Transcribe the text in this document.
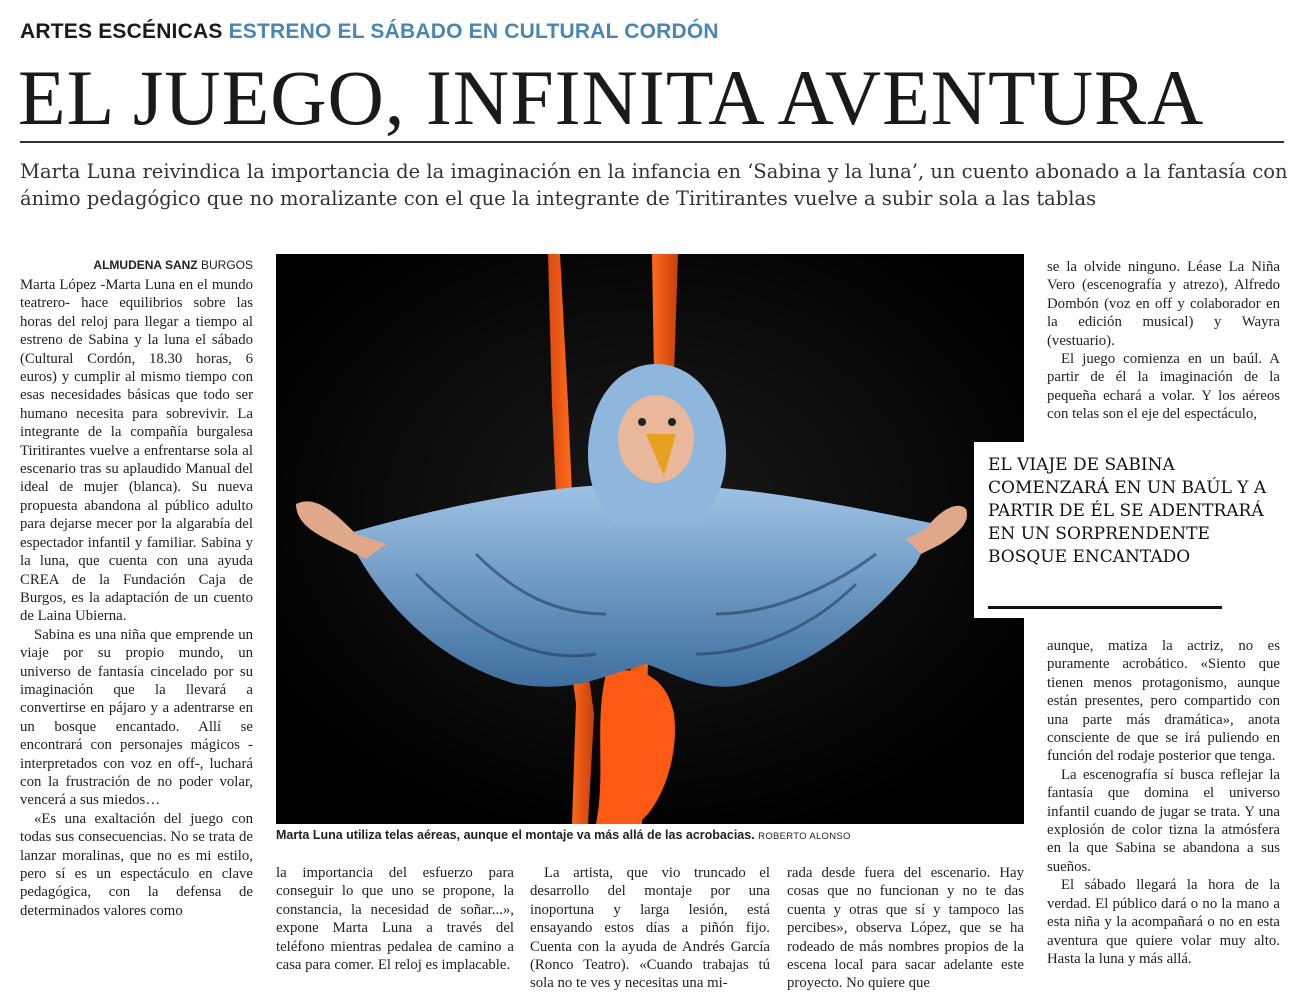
ARTES ESCÉNICAS ESTRENO EL SÁBADO EN CULTURAL CORDÓN
EL JUEGO, INFINITA AVENTURA
Marta Luna reivindica la importancia de la imaginación en la infancia en ‘Sabina y la luna’, un cuento abonado a la fantasía con ánimo pedagógico que no moralizante con el que la integrante de Tiritirantes vuelve a subir sola a las tablas
ALMUDENA SANZ BURGOS

Marta López -Marta Luna en el mundo teatrero- hace equilibrios sobre las horas del reloj para llegar a tiempo al estreno de Sabina y la luna el sábado (Cultural Cordón, 18.30 horas, 6 euros) y cumplir al mismo tiempo con esas necesidades básicas que todo ser humano necesita para sobrevivir. La integrante de la compañía burgalesa Tiritirantes vuelve a enfrentarse sola al escenario tras su aplaudido Manual del ideal de mujer (blanca). Su nueva propuesta abandona al público adulto para dejarse mecer por la algarabía del espectador infantil y familiar. Sabina y la luna, que cuenta con una ayuda CREA de la Fundación Caja de Burgos, es la adaptación de un cuento de Laina Ubierna.

Sabina es una niña que emprende un viaje por su propio mundo, un universo de fantasía cincelado por su imaginación que la llevará a convertirse en pájaro y a adentrarse en un bosque encantado. Allí se encontrará con personajes mágicos -interpretados con voz en off-, luchará con la frustración de no poder volar, vencerá a sus miedos…

«Es una exaltación del juego con todas sus consecuencias. No se trata de lanzar moralinas, que no es mi estilo, pero sí es un espectáculo en clave pedagógica, con la defensa de determinados valores como

Marta Luna utiliza telas aéreas, aunque el montaje va más allá de las acrobacias. ROBERTO ALONSO

la importancia del esfuerzo para conseguir lo que uno se propone, la constancia, la necesidad de soñar...», expone Marta Luna a través del teléfono mientras pedalea de camino a casa para comer. El reloj es implacable.

La artista, que vio truncado el desarrollo del montaje por una inoportuna y larga lesión, está ensayando estos días a piñón fijo. Cuenta con la ayuda de Andrés García (Ronco Teatro). «Cuando trabajas tú sola no te ves y necesitas una mi-

rada desde fuera del escenario. Hay cosas que no funcionan y no te das cuenta y otras que sí y tampoco las percibes», observa López, que se ha rodeado de más nombres propios de la escena local para sacar adelante este proyecto. No quiere que

se la olvide ninguno. Léase La Niña Vero (escenografía y atrezo), Alfredo Dombón (voz en off y colaborador en la edición musical) y Wayra (vestuario).

El juego comienza en un baúl. A partir de él la imaginación de la pequeña echará a volar. Y los aéreos con telas son el eje del espectáculo,

EL VIAJE DE SABINA COMENZARÁ EN UN BAÚL Y A PARTIR DE ÉL SE ADENTRARÁ EN UN SORPRENDENTE BOSQUE ENCANTADO

aunque, matiza la actriz, no es puramente acrobático. «Siento que tienen menos protagonismo, aunque están presentes, pero compartido con una parte más dramática», anota consciente de que se irá puliendo en función del rodaje posterior que tenga.

La escenografía sí busca reflejar la fantasía que domina el universo infantil cuando de jugar se trata. Y una explosión de color tizna la atmósfera en la que Sabina se abandona a sus sueños.

El sábado llegará la hora de la verdad. El público dará o no la mano a esta niña y la acompañará o no en esta aventura que quiere volar muy alto. Hasta la luna y más allá.
